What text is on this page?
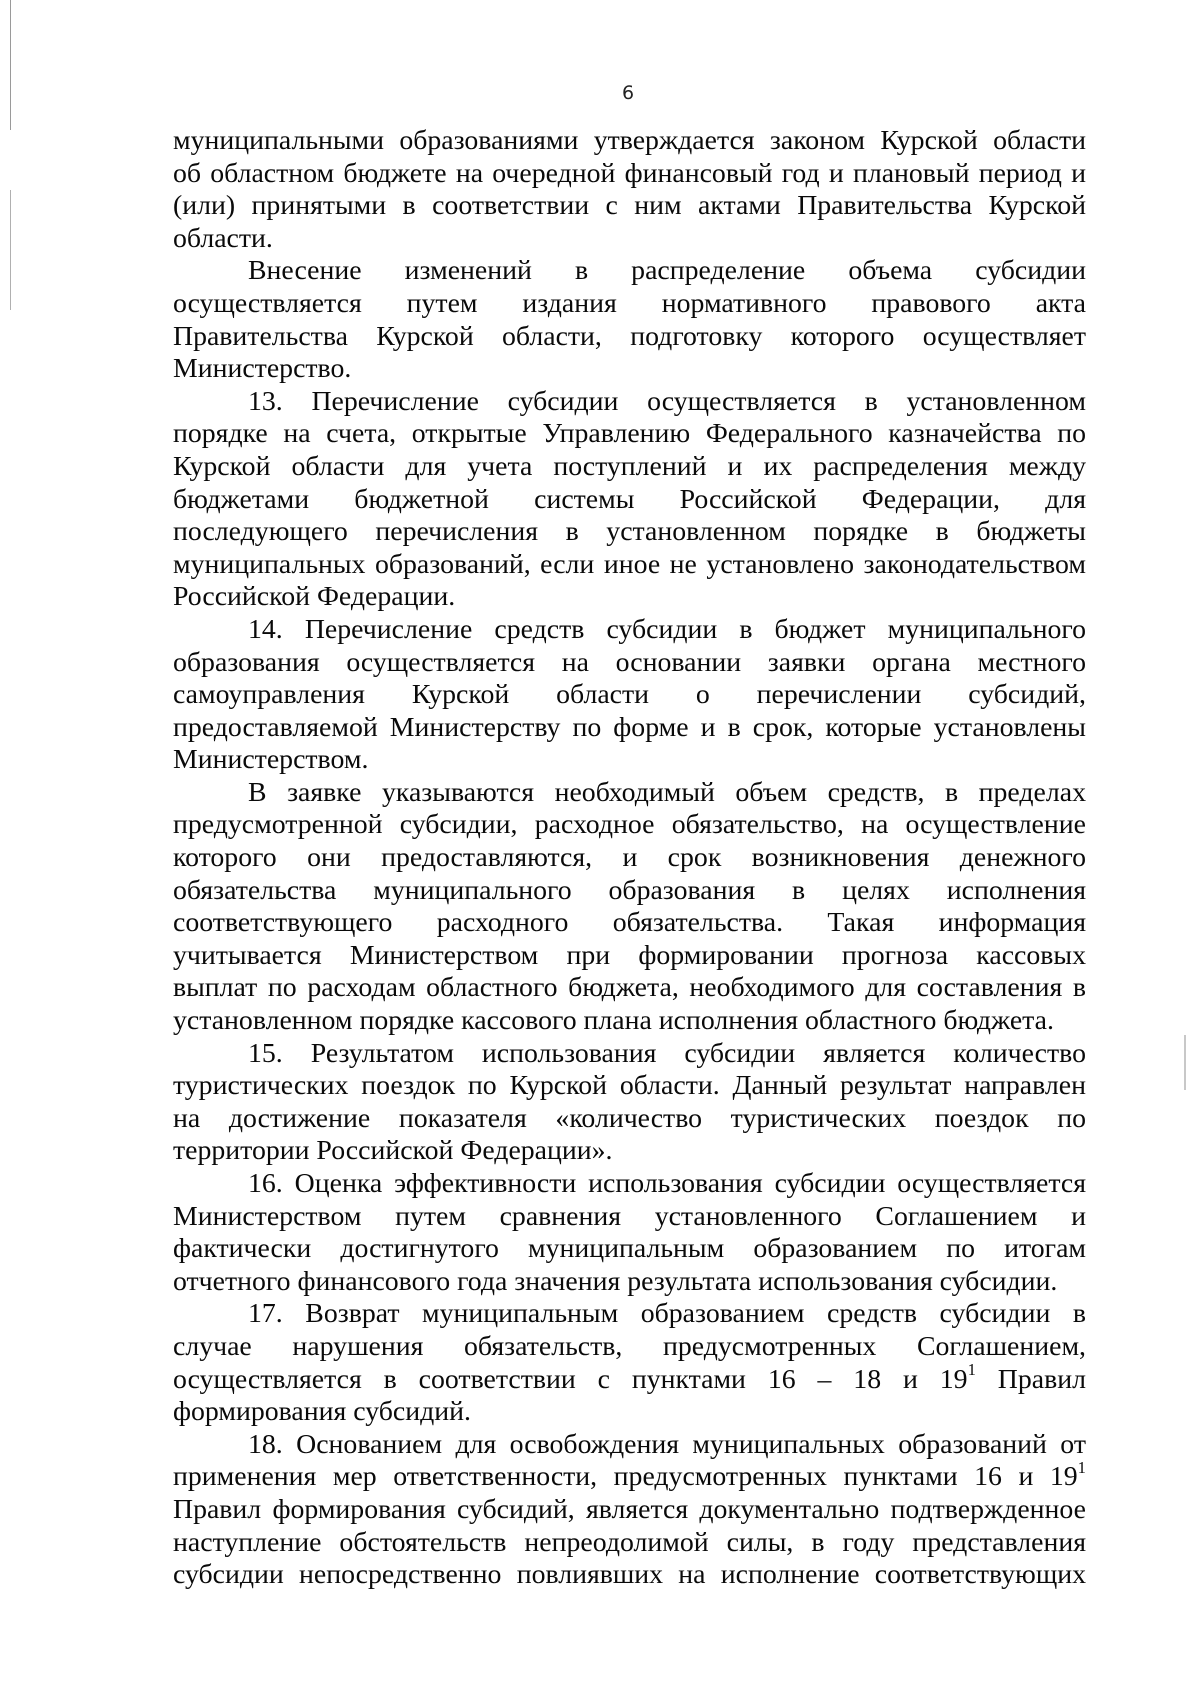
6
муниципальными образованиями утверждается законом Курской области
об областном бюджете на очередной финансовый год и плановый период и
(или) принятыми в соответствии с ним актами Правительства Курской
области.
Внесение изменений в распределение объема субсидии
осуществляется путем издания нормативного правового акта
Правительства Курской области, подготовку которого осуществляет
Министерство.
13. Перечисление субсидии осуществляется в установленном
порядке на счета, открытые Управлению Федерального казначейства по
Курской области для учета поступлений и их распределения между
бюджетами бюджетной системы Российской Федерации, для
последующего перечисления в установленном порядке в бюджеты
муниципальных образований, если иное не установлено законодательством
Российской Федерации.
14. Перечисление средств субсидии в бюджет муниципального
образования осуществляется на основании заявки органа местного
самоуправления Курской области о перечислении субсидий,
предоставляемой Министерству по форме и в срок, которые установлены
Министерством.
В заявке указываются необходимый объем средств, в пределах
предусмотренной субсидии, расходное обязательство, на осуществление
которого они предоставляются, и срок возникновения денежного
обязательства муниципального образования в целях исполнения
соответствующего расходного обязательства. Такая информация
учитывается Министерством при формировании прогноза кассовых
выплат по расходам областного бюджета, необходимого для составления в
установленном порядке кассового плана исполнения областного бюджета.
15. Результатом использования субсидии является количество
туристических поездок по Курской области. Данный результат направлен
на достижение показателя «количество туристических поездок по
территории Российской Федерации».
16. Оценка эффективности использования субсидии осуществляется
Министерством путем сравнения установленного Соглашением и
фактически достигнутого муниципальным образованием по итогам
отчетного финансового года значения результата использования субсидии.
17. Возврат муниципальным образованием средств субсидии в
случае нарушения обязательств, предусмотренных Соглашением,
осуществляется в соответствии с пунктами 16 – 18 и $19^1$ Правил
формирования субсидий.
18. Основанием для освобождения муниципальных образований от
применения мер ответственности, предусмотренных пунктами 16 и $19^1$
Правил формирования субсидий, является документально подтвержденное
наступление обстоятельств непреодолимой силы, в году представления
субсидии непосредственно повлиявших на исполнение соответствующих
